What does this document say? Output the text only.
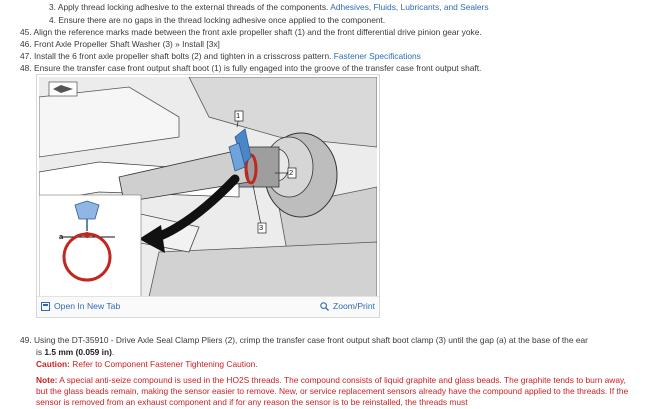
3. Apply thread locking adhesive to the external threads of the components. Adhesives, Fluids, Lubricants, and Sealers
4. Ensure there are no gaps in the thread locking adhesive once applied to the component.
45. Align the reference marks made between the front axle propeller shaft (1) and the front differential drive pinion gear yoke.
46. Front Axle Propeller Shaft Washer (3) » Install [3x]
47. Install the 6 front axle propeller shaft bolts (2) and tighten in a crisscross pattern. Fastener Specifications
48. Ensure the transfer case front output shaft boot (1) is fully engaged into the groove of the transfer case front output shaft.
1
2
3
a
Open In New Tab	Zoom/Print
49. Using the DT-35910 - Drive Axle Seal Clamp Pliers (2), crimp the transfer case front output shaft boot clamp (3) until the gap (a) at the base of the ear
is 1.5 mm (0.059 in).
Caution: Refer to Component Fastener Tightening Caution.
Note: A special anti-seize compound is used in the HO2S threads. The compound consists of liquid graphite and glass beads. The graphite tends to burn away, but the glass beads remain, making the sensor easier to remove. New, or service replacement sensors already have the compound applied to the threads. If the sensor is removed from an exhaust component and if for any reason the sensor is to be reinstalled, the threads must
